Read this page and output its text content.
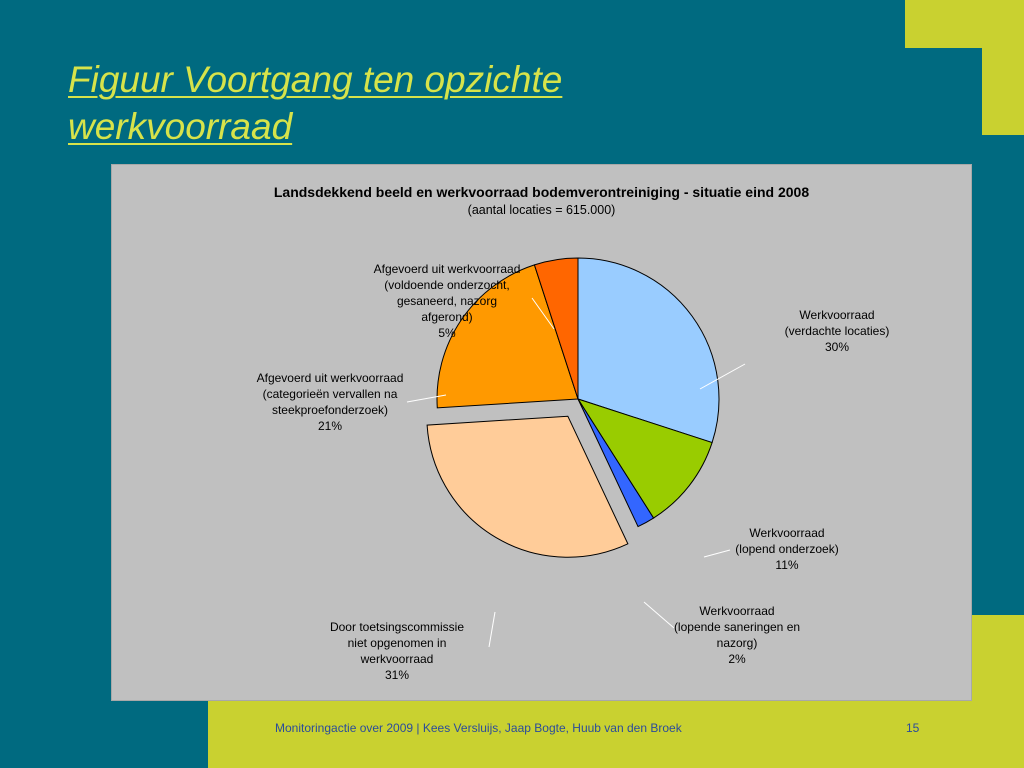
Figuur Voortgang ten opzichte
werkvoorraad
Landsdekkend beeld en werkvoorraad bodemverontreiniging - situatie eind 2008
(aantal locaties = 615.000)
Werkvoorraad
(verdachte locaties)
30%
Werkvoorraad
(lopend onderzoek)
11%
Werkvoorraad
(lopende saneringen en
nazorg)
2%
Door toetsingscommissie
niet opgenomen in
werkvoorraad
31%
Afgevoerd uit werkvoorraad
(categorieën vervallen na
steekproefonderzoek)
21%
Afgevoerd uit werkvoorraad
(voldoende onderzocht,
gesaneerd, nazorg
afgerond)
5%
Monitoringactie over 2009 | Kees Versluijs, Jaap Bogte, Huub van den Broek	15
